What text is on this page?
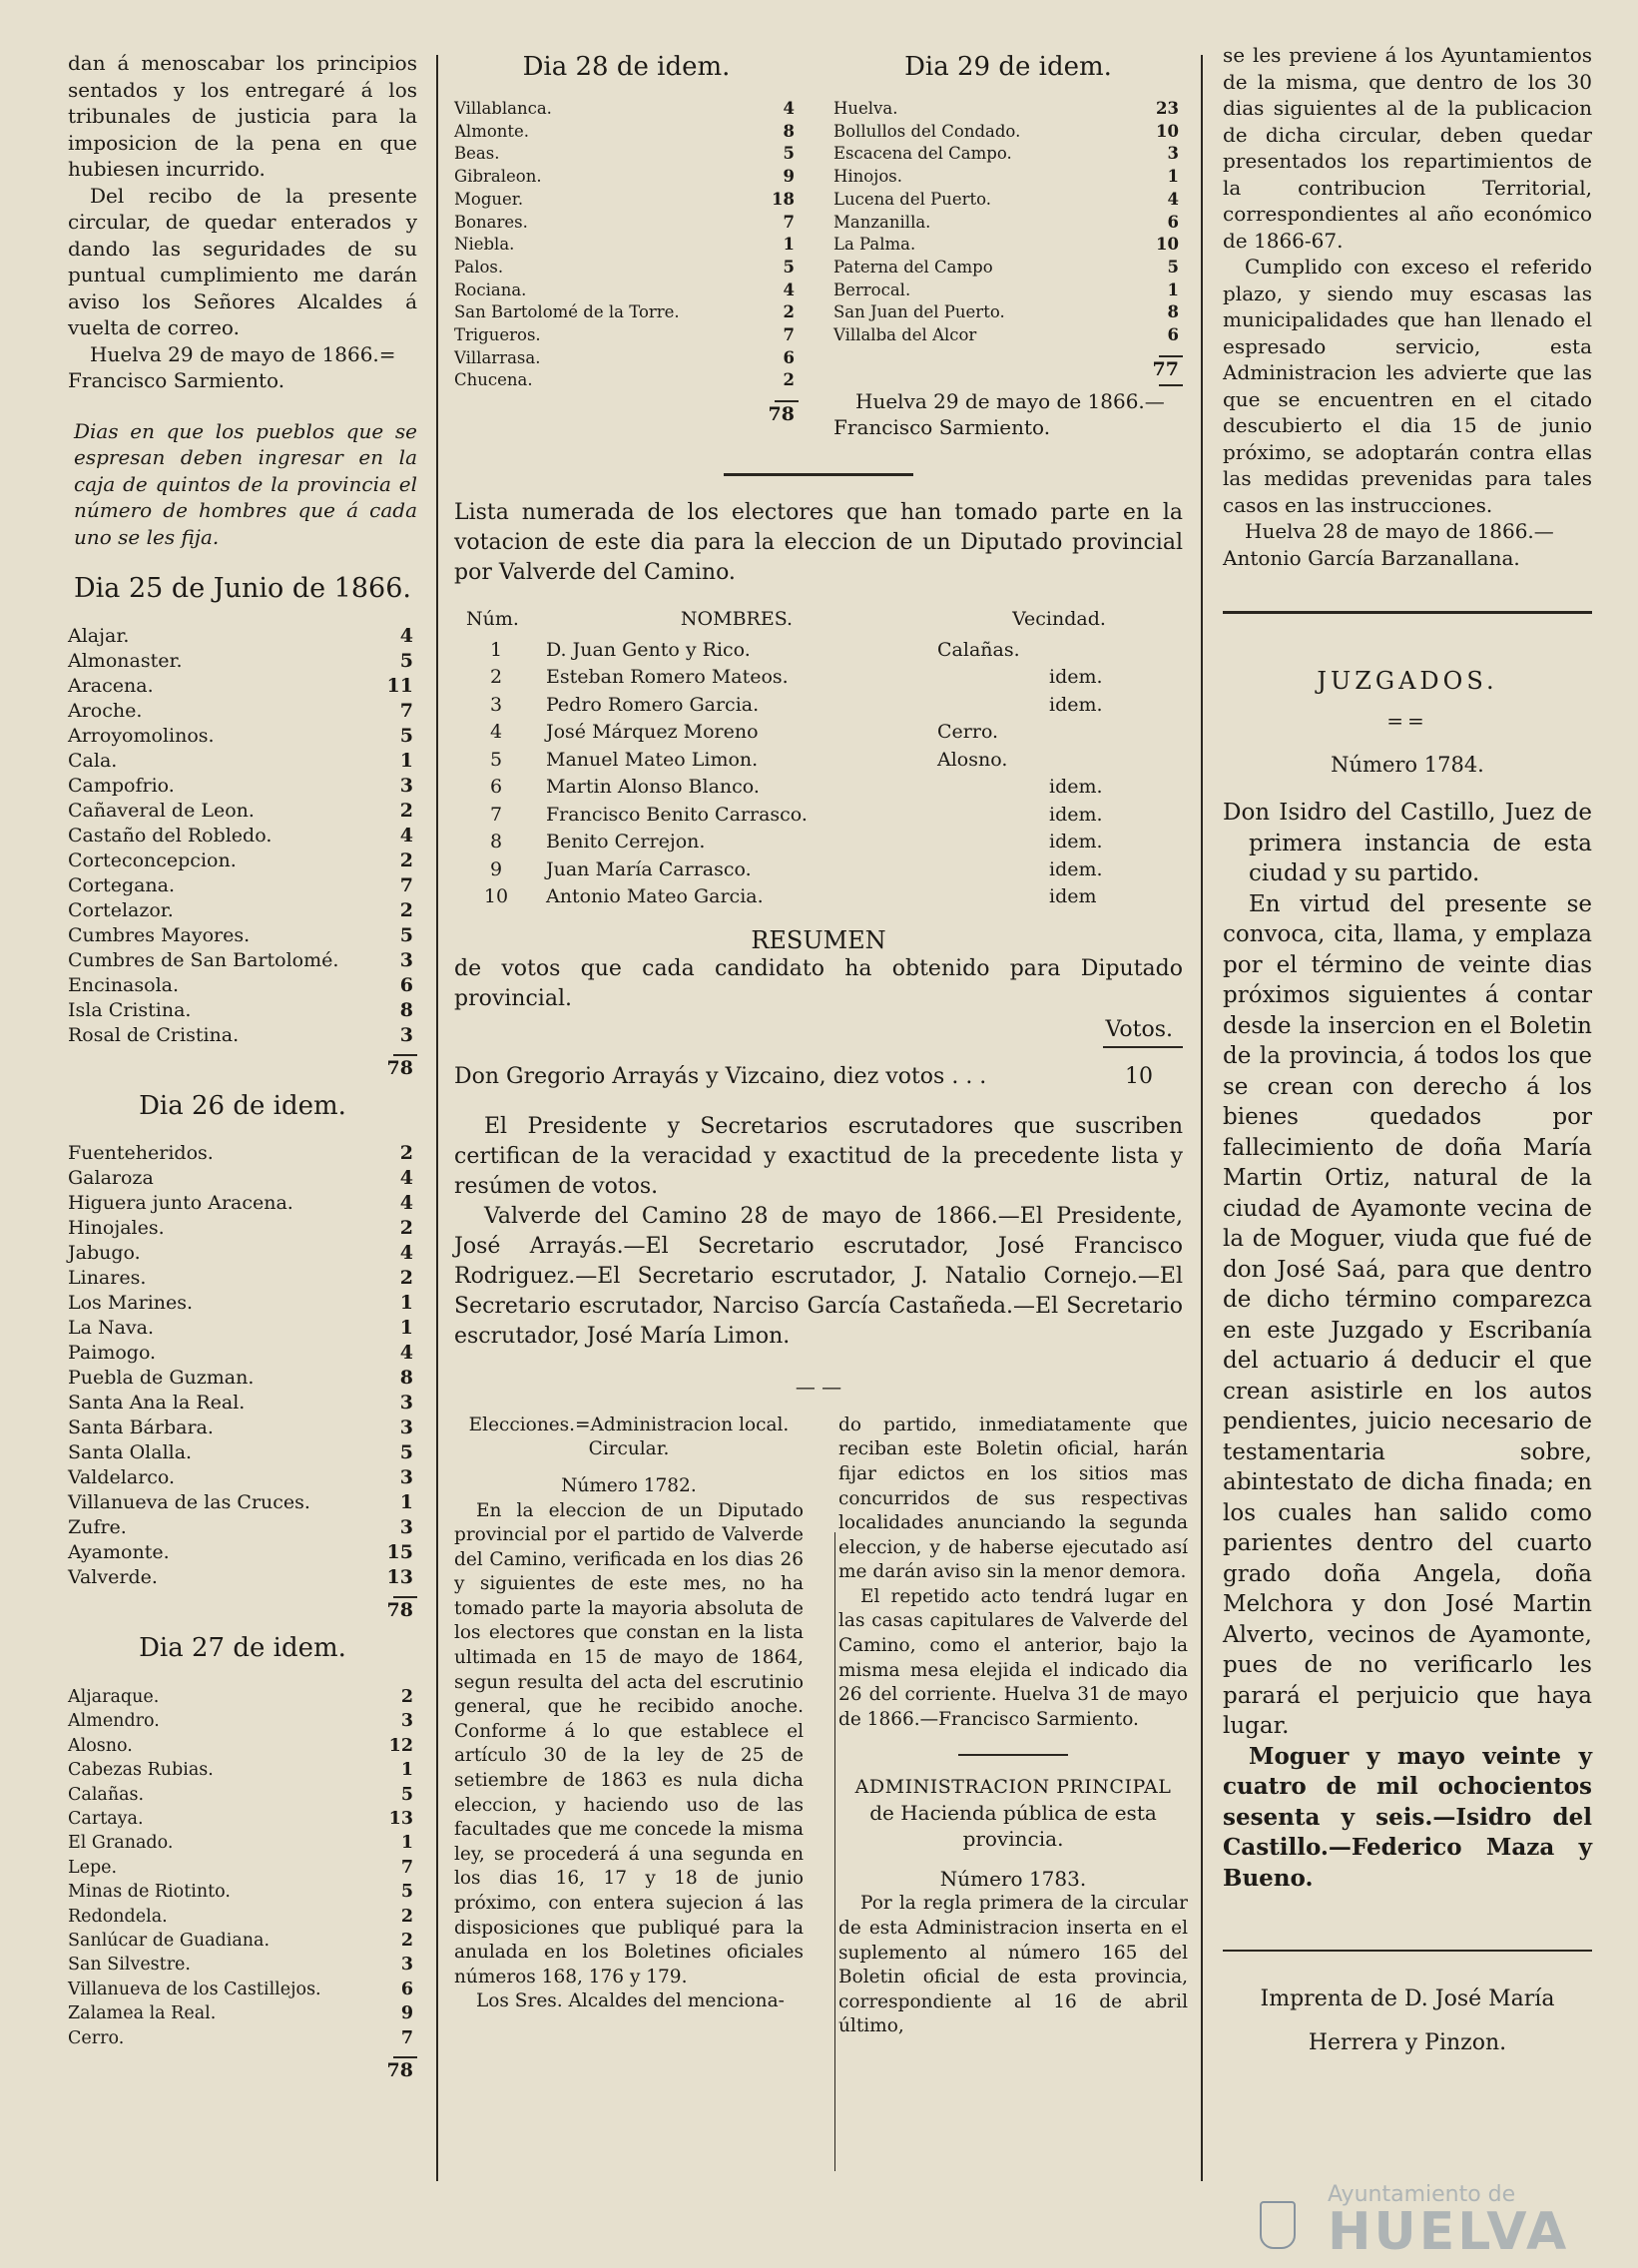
dan á menoscabar los principios sentados y los entregaré á los tribunales de justicia para la imposicion de la pena en que hubiesen incurrido.

Del recibo de la presente circular, de quedar enterados y dando las seguridades de su puntual cumplimiento me darán aviso los Señores Alcaldes á vuelta de correo.

Huelva 29 de mayo de 1866.=

Francisco Sarmiento.

Dias en que los pueblos que se espresan deben ingresar en la caja de quintos de la provincia el número de hombres que á cada uno se les fija.

Dia 25 de Junio de 1866.
Alajar.	4
Almonaster.	5
Aracena.	11
Aroche.	7
Arroyomolinos.	5
Cala.	1
Campofrio.	3
Cañaveral de Leon.	2
Castaño del Robledo.	4
Corteconcepcion.	2
Cortegana.	7
Cortelazor.	2
Cumbres Mayores.	5
Cumbres de San Bartolomé.	3
Encinasola.	6
Isla Cristina.	8
Rosal de Cristina.	3
78
Dia 26 de idem.
Fuenteheridos.	2
Galaroza	4
Higuera junto Aracena.	4
Hinojales.	2
Jabugo.	4
Linares.	2
Los Marines.	1
La Nava.	1
Paimogo.	4
Puebla de Guzman.	8
Santa Ana la Real.	3
Santa Bárbara.	3
Santa Olalla.	5
Valdelarco.	3
Villanueva de las Cruces.	1
Zufre.	3
Ayamonte.	15
Valverde.	13
78
Dia 27 de idem.
Aljaraque.	2
Almendro.	3
Alosno.	12
Cabezas Rubias.	1
Calañas.	5
Cartaya.	13
El Granado.	1
Lepe.	7
Minas de Riotinto.	5
Redondela.	2
Sanlúcar de Guadiana.	2
San Silvestre.	3
Villanueva de los Castillejos.	6
Zalamea la Real.	9
Cerro.	7
78
Dia 28 de idem.
Villablanca.	4
Almonte.	8
Beas.	5
Gibraleon.	9
Moguer.	18
Bonares.	7
Niebla.	1
Palos.	5
Rociana.	4
San Bartolomé de la Torre.	2
Trigueros.	7
Villarrasa.	6
Chucena.	2
78
Dia 29 de idem.
Huelva.	23
Bollullos del Condado.	10
Escacena del Campo.	3
Hinojos.	1
Lucena del Puerto.	4
Manzanilla.	6
La Palma.	10
Paterna del Campo	5
Berrocal.	1
San Juan del Puerto.	8
Villalba del Alcor	6
77

Huelva 29 de mayo de 1866.—

Francisco Sarmiento.

Lista numerada de los electores que han tomado parte en la votacion de este dia para la eleccion de un Diputado provincial por Valverde del Camino.

Núm.	NOMBRES.	Vecindad.	
1	D. Juan Gento y Rico.	Calañas.	
2	Esteban Romero Mateos.		idem.
3	Pedro Romero Garcia.		idem.
4	José Márquez Moreno	Cerro.	
5	Manuel Mateo Limon.	Alosno.	
6	Martin Alonso Blanco.		idem.
7	Francisco Benito Carrasco.		idem.
8	Benito Cerrejon.		idem.
9	Juan María Carrasco.		idem.
10	Antonio Mateo Garcia.		idem
RESUMEN

de votos que cada candidato ha obtenido para Diputado provincial.

Votos.
Don Gregorio Arrayás y Vizcaino, diez votos . . .	10

El Presidente y Secretarios escrutadores que suscriben certifican de la veracidad y exactitud de la precedente lista y resúmen de votos.

Valverde del Camino 28 de mayo de 1866.—El Presidente, José Arrayás.—El Secretario escrutador, José Francisco Rodriguez.—El Secretario escrutador, J. Natalio Cornejo.—El Secretario escrutador, Narciso García Castañeda.—El Secretario escrutador, José María Limon.

— —

Elecciones.=Administracion local. Circular.

Número 1782.

En la eleccion de un Diputado provincial por el partido de Valverde del Camino, verificada en los dias 26 y siguientes de este mes, no ha tomado parte la mayoria absoluta de los electores que constan en la lista ultimada en 15 de mayo de 1864, segun resulta del acta del escrutinio general, que he recibido anoche. Conforme á lo que establece el artículo 30 de la ley de 25 de setiembre de 1863 es nula dicha eleccion, y haciendo uso de las facultades que me concede la misma ley, se procederá á una segunda en los dias 16, 17 y 18 de junio próximo, con entera sujecion á las disposiciones que publiqué para la anulada en los Boletines oficiales números 168, 176 y 179.

Los Sres. Alcaldes del menciona-

do partido, inmediatamente que reciban este Boletin oficial, harán fijar edictos en los sitios mas concurridos de sus respectivas localidades anunciando la segunda eleccion, y de haberse ejecutado así me darán aviso sin la menor demora.

El repetido acto tendrá lugar en las casas capitulares de Valverde del Camino, como el anterior, bajo la misma mesa elejida el indicado dia 26 del corriente. Huelva 31 de mayo de 1866.—Francisco Sarmiento.

ADMINISTRACION PRINCIPAL

de Hacienda pública de esta provincia.

Número 1783.

Por la regla primera de la circular de esta Administracion inserta en el suplemento al número 165 del Boletin oficial de esta provincia, correspondiente al 16 de abril último,

se les previene á los Ayuntamientos de la misma, que dentro de los 30 dias siguientes al de la publicacion de dicha circular, deben quedar presentados los repartimientos de la contribucion Territorial, correspondientes al año económico de 1866-67.

Cumplido con exceso el referido plazo, y siendo muy escasas las municipalidades que han llenado el espresado servicio, esta Administracion les advierte que las que se encuentren en el citado descubierto el dia 15 de junio próximo, se adoptarán contra ellas las medidas prevenidas para tales casos en las instrucciones.

Huelva 28 de mayo de 1866.—Antonio García Barzanallana.

JUZGADOS.
==
Número 1784.

Don Isidro del Castillo, Juez de primera instancia de esta ciudad y su partido.

En virtud del presente se convoca, cita, llama, y emplaza por el término de veinte dias próximos siguientes á contar desde la insercion en el Boletin de la provincia, á todos los que se crean con derecho á los bienes quedados por fallecimiento de doña María Martin Ortiz, natural de la ciudad de Ayamonte vecina de la de Moguer, viuda que fué de don José Saá, para que dentro de dicho término comparezca en este Juzgado y Escribanía del actuario á deducir el que crean asistirle en los autos pendientes, juicio necesario de testamentaria sobre, abintestato de dicha finada; en los cuales han salido como parientes dentro del cuarto grado doña Angela, doña Melchora y don José Martin Alverto, vecinos de Ayamonte, pues de no verificarlo les parará el perjuicio que haya lugar.

Moguer y mayo veinte y cuatro de mil ochocientos sesenta y seis.—Isidro del Castillo.—Federico Maza y Bueno.

Imprenta de D. José María

Herrera y Pinzon.

Ayuntamiento de
HUELVA
